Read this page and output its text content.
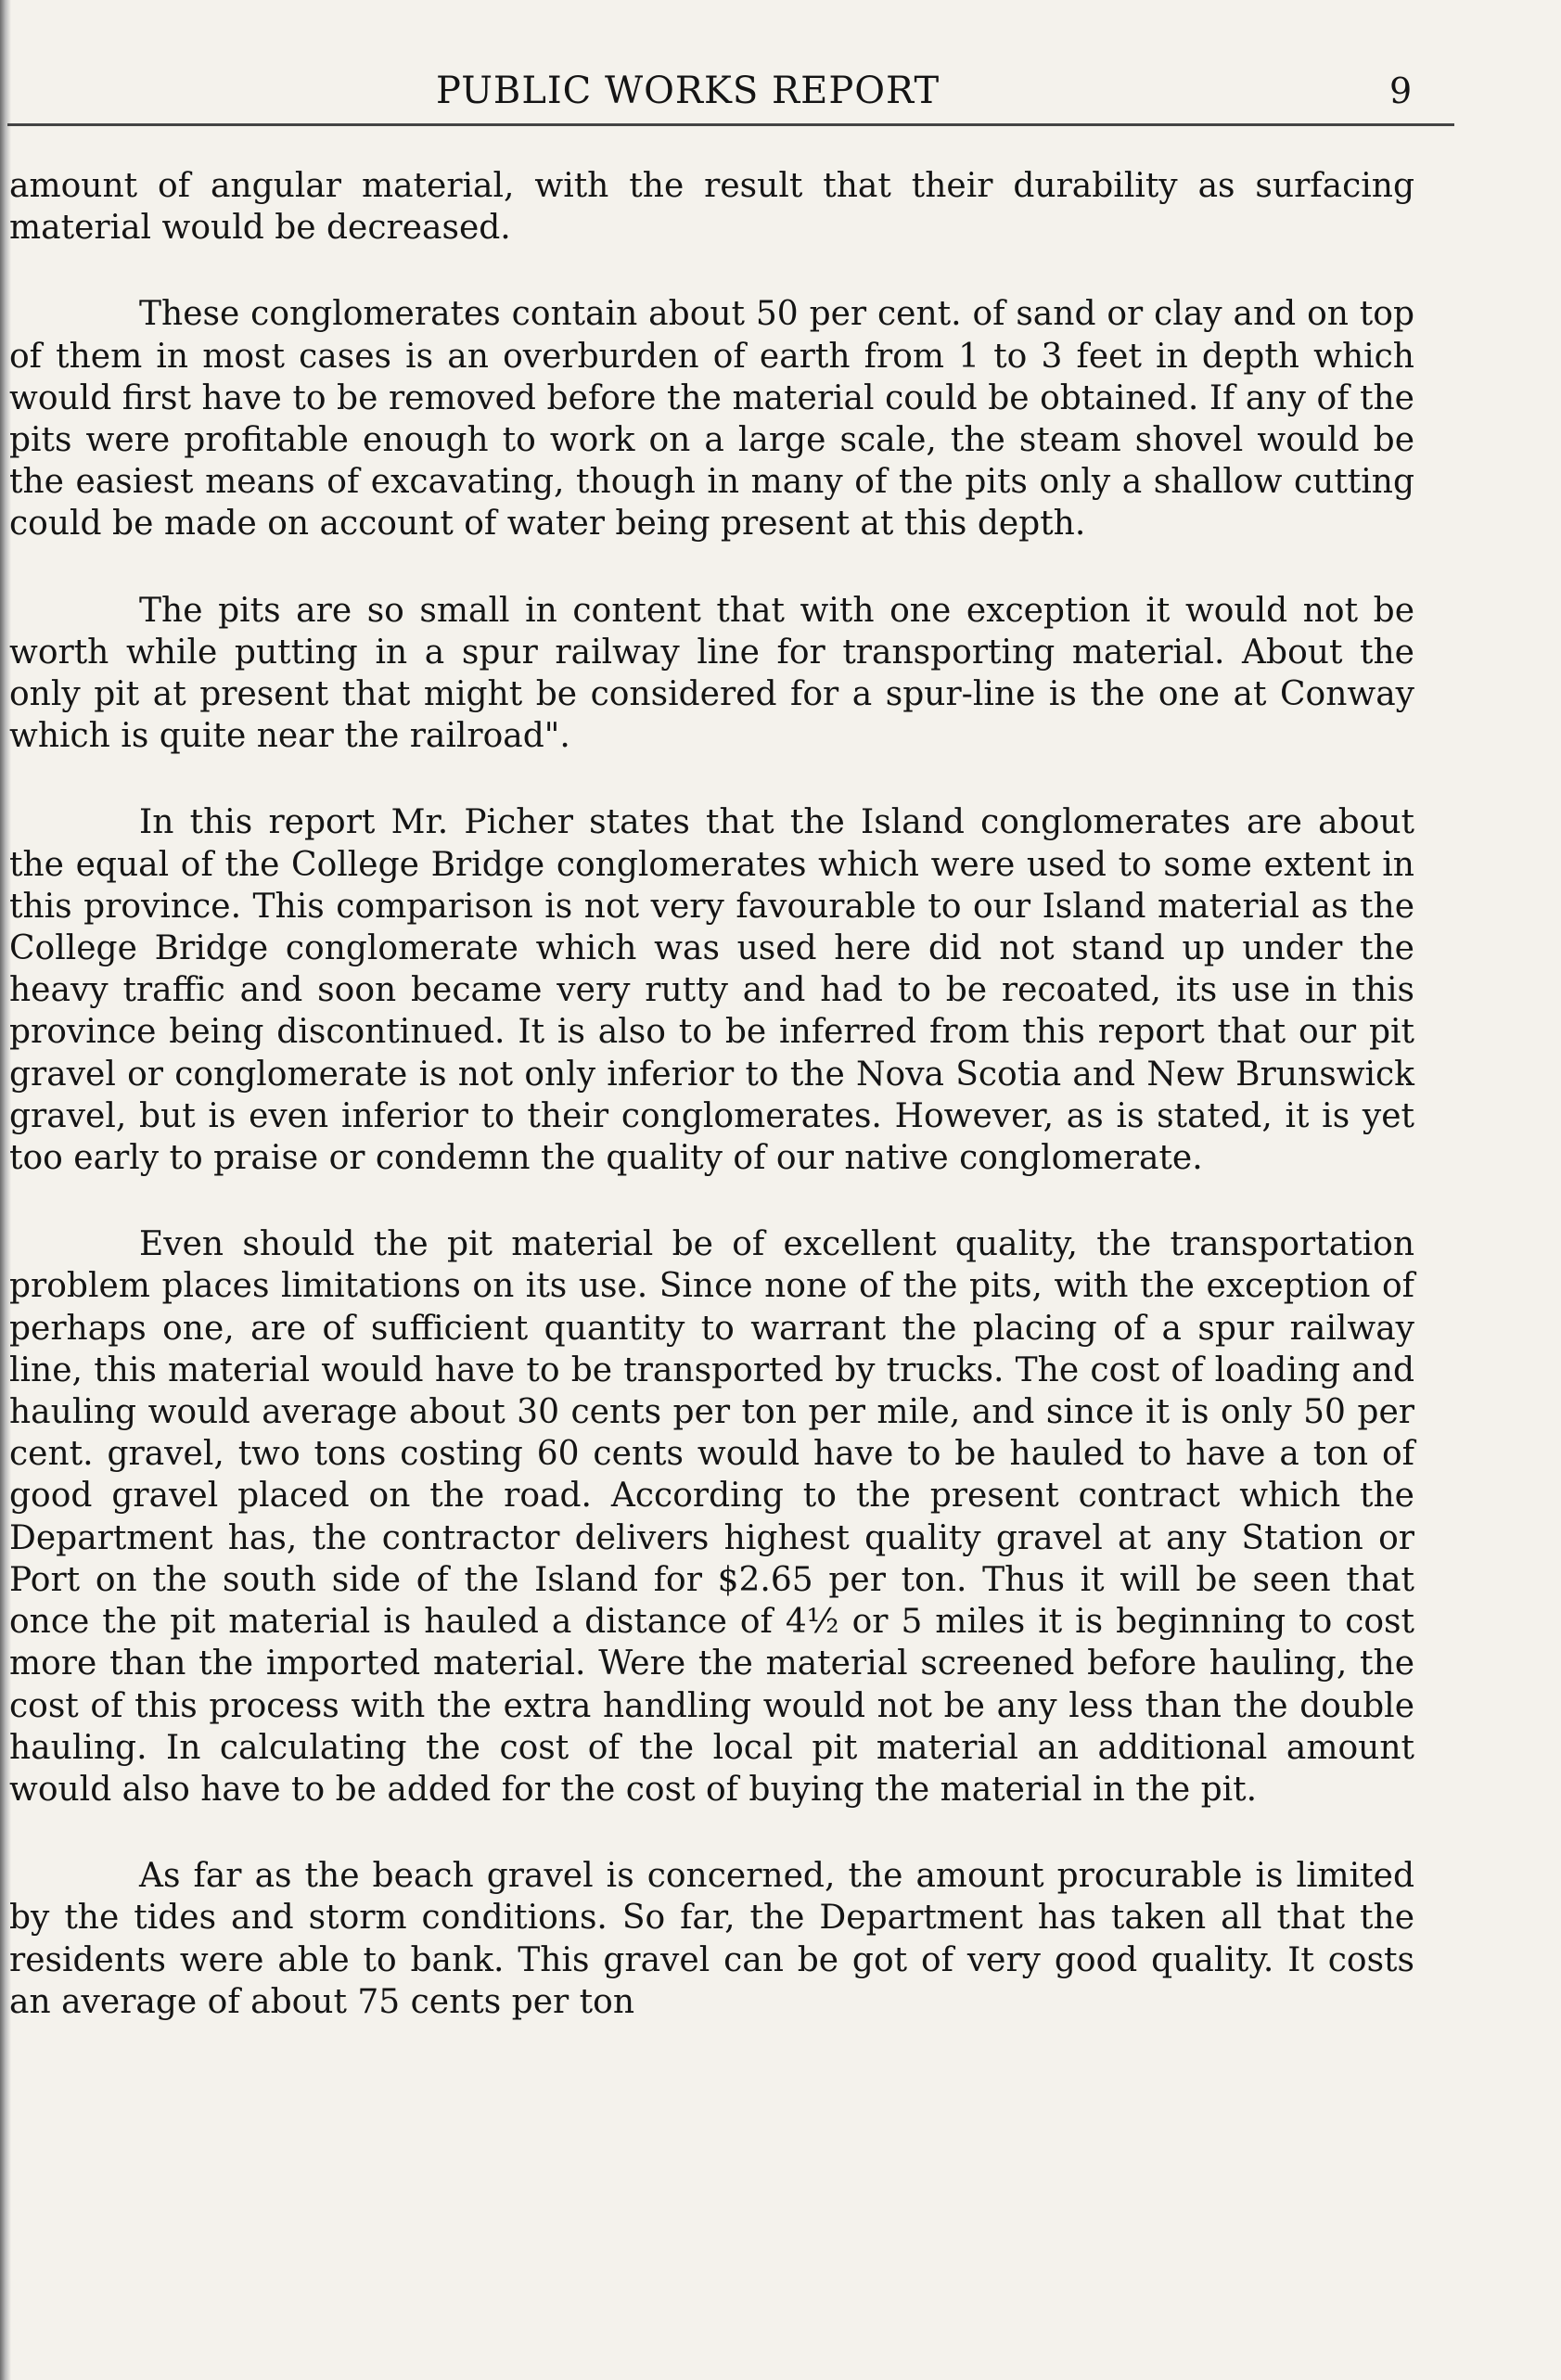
PUBLIC WORKS REPORT	9

amount of angular material, with the result that their durability as surfacing material would be decreased.

These conglomerates contain about 50 per cent. of sand or clay and on top of them in most cases is an overburden of earth from 1 to 3 feet in depth which would first have to be removed before the material could be obtained. If any of the pits were profitable enough to work on a large scale, the steam shovel would be the easiest means of excavating, though in many of the pits only a shallow cutting could be made on account of water being present at this depth.

The pits are so small in content that with one exception it would not be worth while putting in a spur railway line for transporting material. About the only pit at present that might be considered for a spur-line is the one at Conway which is quite near the railroad".

In this report Mr. Picher states that the Island conglomerates are about the equal of the College Bridge conglomerates which were used to some extent in this province. This comparison is not very favourable to our Island material as the College Bridge conglomerate which was used here did not stand up under the heavy traffic and soon became very rutty and had to be recoated, its use in this province being discontinued. It is also to be inferred from this report that our pit gravel or conglomerate is not only inferior to the Nova Scotia and New Brunswick gravel, but is even inferior to their conglomerates. However, as is stated, it is yet too early to praise or condemn the quality of our native conglomerate.

Even should the pit material be of excellent quality, the transportation problem places limitations on its use. Since none of the pits, with the exception of perhaps one, are of sufficient quantity to warrant the placing of a spur railway line, this material would have to be transported by trucks. The cost of loading and hauling would average about 30 cents per ton per mile, and since it is only 50 per cent. gravel, two tons costing 60 cents would have to be hauled to have a ton of good gravel placed on the road. According to the present contract which the Department has, the contractor delivers highest quality gravel at any Station or Port on the south side of the Island for $2.65 per ton. Thus it will be seen that once the pit material is hauled a distance of 4½ or 5 miles it is beginning to cost more than the imported material. Were the material screened before hauling, the cost of this process with the extra handling would not be any less than the double hauling. In calculating the cost of the local pit material an additional amount would also have to be added for the cost of buying the material in the pit.

As far as the beach gravel is concerned, the amount procurable is limited by the tides and storm conditions. So far, the Department has taken all that the residents were able to bank. This gravel can be got of very good quality. It costs an average of about 75 cents per ton
